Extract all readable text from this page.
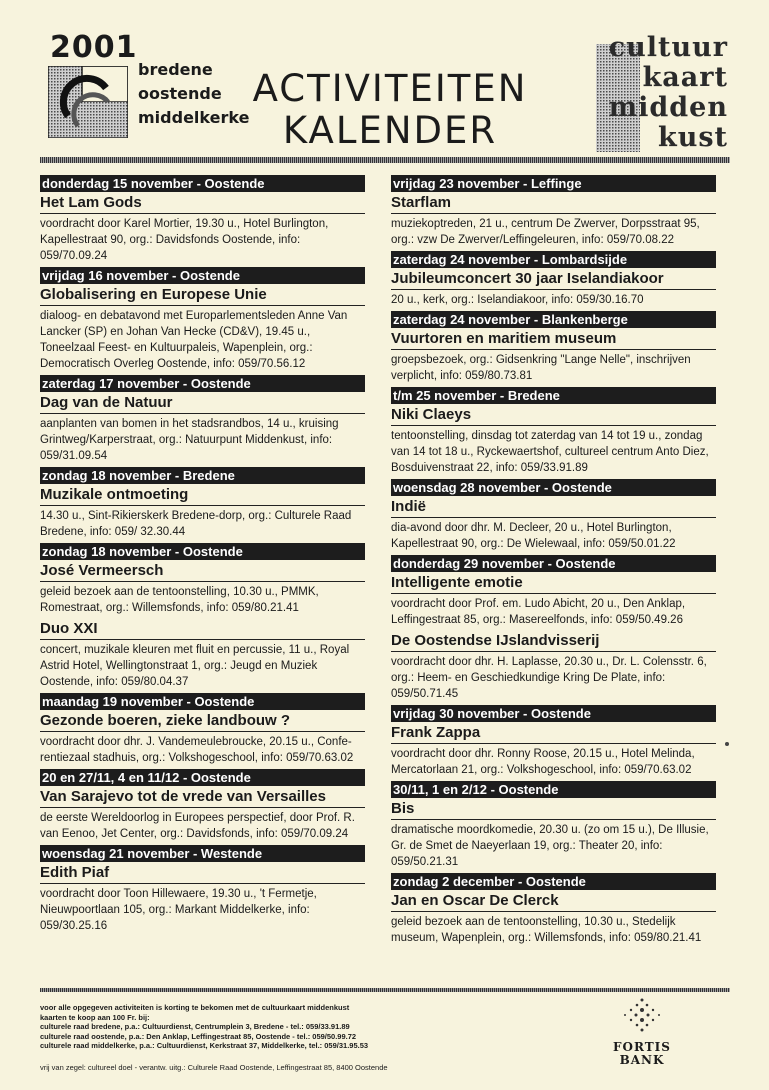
2001
bredene
oostende
middelkerke
ACTIVITEITEN
KALENDER
cultuur
kaart
midden
kust
donderdag 15 november - Oostende
Het Lam Gods
voordracht door Karel Mortier, 19.30 u., Hotel Burlington, Kapellestraat 90, org.: Davidsfonds Oostende, info: 059/70.09.24
vrijdag 16 november - Oostende
Globalisering en Europese Unie
dialoog- en debatavond met Europarlementsleden Anne Van Lancker (SP) en Johan Van Hecke (CD&V), 19.45 u., Toneelzaal Feest- en Kultuurpaleis, Wapenplein, org.: Democratisch Overleg Oostende, info: 059/70.56.12
zaterdag 17 november - Oostende
Dag van de Natuur
aanplanten van bomen in het stadsrandbos, 14 u., kruising Grintweg/Karperstraat, org.: Natuurpunt Middenkust, info: 059/31.09.54
zondag 18 november - Bredene
Muzikale ontmoeting
14.30 u., Sint-Rikierskerk Bredene-dorp, org.: Culturele Raad Bredene, info: 059/ 32.30.44
zondag 18 november - Oostende
José Vermeersch
geleid bezoek aan de tentoonstelling, 10.30 u., PMMK, Romestraat, org.: Willemsfonds, info: 059/80.21.41
Duo XXI
concert, muzikale kleuren met fluit en percussie, 11 u., Royal Astrid Hotel, Wellingtonstraat 1, org.: Jeugd en Muziek Oostende, info: 059/80.04.37
maandag 19 november - Oostende
Gezonde boeren, zieke landbouw ?
voordracht door dhr. J. Vandemeulebroucke, 20.15 u., Confe-rentiezaal stadhuis, org.: Volkshogeschool, info: 059/70.63.02
20 en 27/11, 4 en 11/12 - Oostende
Van Sarajevo tot de vrede van Versailles
de eerste Wereldoorlog in Europees perspectief, door Prof. R. van Eenoo, Jet Center, org.: Davidsfonds, info: 059/70.09.24
woensdag 21 november - Westende
Edith Piaf
voordracht door Toon Hillewaere, 19.30 u., 't Fermetje, Nieuwpoortlaan 105, org.: Markant Middelkerke, info: 059/30.25.16
vrijdag 23 november - Leffinge
Starflam
muziekoptreden, 21 u., centrum De Zwerver, Dorpsstraat 95, org.: vzw De Zwerver/Leffingeleuren, info: 059/70.08.22
zaterdag 24 november - Lombardsijde
Jubileumconcert 30 jaar Iselandiakoor
20 u., kerk, org.: Iselandiakoor, info: 059/30.16.70
zaterdag 24 november - Blankenberge
Vuurtoren en maritiem museum
groepsbezoek, org.: Gidsenkring "Lange Nelle", inschrijven verplicht, info: 059/80.73.81
t/m 25 november - Bredene
Niki Claeys
tentoonstelling, dinsdag tot zaterdag van 14 tot 19 u., zondag van 14 tot 18 u., Ryckewaertshof, cultureel centrum Anto Diez, Bosduivenstraat 22, info: 059/33.91.89
woensdag 28 november - Oostende
Indië
dia-avond door dhr. M. Decleer, 20 u., Hotel Burlington, Kapellestraat 90, org.: De Wielewaal, info: 059/50.01.22
donderdag 29 november - Oostende
Intelligente emotie
voordracht door Prof. em. Ludo Abicht, 20 u., Den Anklap, Leffingestraat 85, org.: Masereelfonds, info: 059/50.49.26
De Oostendse IJslandvisserij
voordracht door dhr. H. Laplasse, 20.30 u., Dr. L. Colensstr. 6, org.: Heem- en Geschiedkundige Kring De Plate, info: 059/50.71.45
vrijdag 30 november - Oostende
Frank Zappa
voordracht door dhr. Ronny Roose, 20.15 u., Hotel Melinda, Mercatorlaan 21, org.: Volkshogeschool, info: 059/70.63.02
30/11, 1 en 2/12 - Oostende
Bis
dramatische moordkomedie, 20.30 u. (zo om 15 u.), De Illusie, Gr. de Smet de Naeyerlaan 19, org.: Theater 20, info: 059/50.21.31
zondag 2 december - Oostende
Jan en Oscar De Clerck
geleid bezoek aan de tentoonstelling, 10.30 u., Stedelijk museum, Wapenplein, org.: Willemsfonds, info: 059/80.21.41
voor alle opgegeven activiteiten is korting te bekomen met de cultuurkaart middenkust
kaarten te koop aan 100 Fr. bij:
culturele raad bredene, p.a.: Cultuurdienst, Centrumplein 3, Bredene - tel.: 059/33.91.89
culturele raad oostende, p.a.: Den Anklap, Leffingestraat 85, Oostende - tel.: 059/50.99.72
culturele raad middelkerke, p.a.: Cultuurdienst, Kerkstraat 37, Middelkerke, tel.: 059/31.95.53
vrij van zegel: cultureel doel - verantw. uitg.: Culturele Raad Oostende, Leffingestraat 85, 8400 Oostende
FORTIS
BANK
